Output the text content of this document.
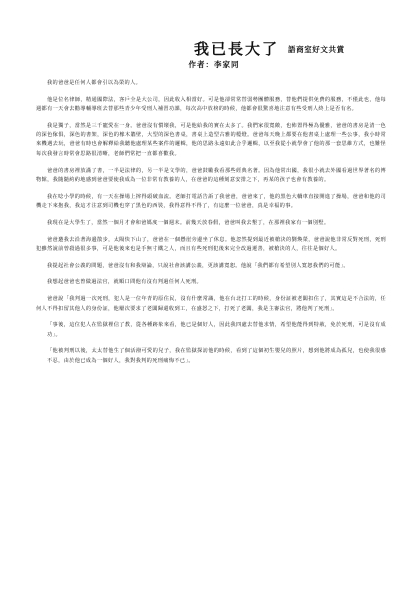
我已長大了 語商室好文共賞
作者：李家同

我的爸爸是任何人都會引以為榮的人。

他是位名律師，精通國際法，客戶全是大公司，因此收入相當好。可是他卻常常替弱勢團體服務，替他們提供免費的服務，不僅此也，他每週都有一天會去勸導輔導班去替那些青少年受刑人補習功課，每次高中放榜的時候，他都會很驚喜地注意有些受刑人終上是否有名。

我是獨子，當然是三千寵愛在一身。爸爸沒有慣壞我，可是他給我的實在太多了。我們家很寬敞，也佈置得極為優雅，爸爸的書房是清一色的深色傢俱，深色的書架，深色的橡木牆壁，大型的深色書桌，書桌上造型古雅的檯燈。爸爸每天晚上都要在他書桌上處理一些公事，我小時常來機遇去玩，爸爸有時也會解釋給我聽他處理某些案件的邏輯，他的思路永遠如此合乎邏輯，以至我從小就學會了他的那一套思維方式，也難怪每次我發言時常會思路很清晰，老師們常把一直都喜歡我。

爸爸的書房裡放滿了書，一半是法律的，另一半是文學的，爸爸鼓勵我看那些經典名著。因為他常出國，我很小就去外國看過世界著名的博物館，我隨隨約約地感到爸爸要使我成為一位非常有教養的人，在爸爸的這種刻意安排之下，再某的孩子也會有教養的。

我在唸小學的時候，有一天在操場上摔得頭破血流。老師打電話告訴了我爸爸，爸爸來了，他的黑色大轎車直接開進了操場，爸爸和他的司機走下來抱我，我這才注意到司機也穿了黑色的西裝，我得意得不得了，有這麼一位爸爸，真是幸福的事。

我現在是大學生了，當然一個月才會和爸媽度一個週末。前幾天放春假，爸爸叫我去墾丁，在那裡我家有一個別墅。

爸爸邀我去沿著海邊散步，太陽快下山了，爸爸在一個懸崖旁邊坐了休息。他忽然提到最近被槍決的劉煥榮，爸爸說他非常反對死刑，死刑犯雖然說前曾殺過很多事，可是他後來也是手無寸鐵之人，而且有些死刑犯後來完全改過遷善，被槍決的人，往往是個好人。

我提起社會公義的問題，爸爸沒有和我辯論，只說社會該講公義，更該講寬恕。他說「我們都有希望別人寬恕我們的可能」。

我想起爸爸也曾做過法官，就順口問他有沒有判過任何人死刑。

爸爸說「我判過一次死刑，犯人是一位年青的原住民，沒有什麼常識，他在台北打工的時候，身份証被老闆扣住了，其實這是不合法的，任何人不得扣留其他人的身份証，他屢次要求了老闆歸還收到工，在盛怒之下，打死了老闆，我是主審法官，將他判了死刑」。

「事後，這位犯人在監獄裡信了教，從各種跡象來看，他已是個好人，因此我四處去替他求情，希望他能得到特赦，免於死刑，可是沒有成功」。

「他被判刑以後，太太替他生了個活潑可愛的兒子，我在監獄探訪他的時候，看到了這個初生嬰兒的照片，想到他將成為孤兒，也使我很感不忍，由於他已成為一個好人，我對我判的死刑痛悔不已」。
